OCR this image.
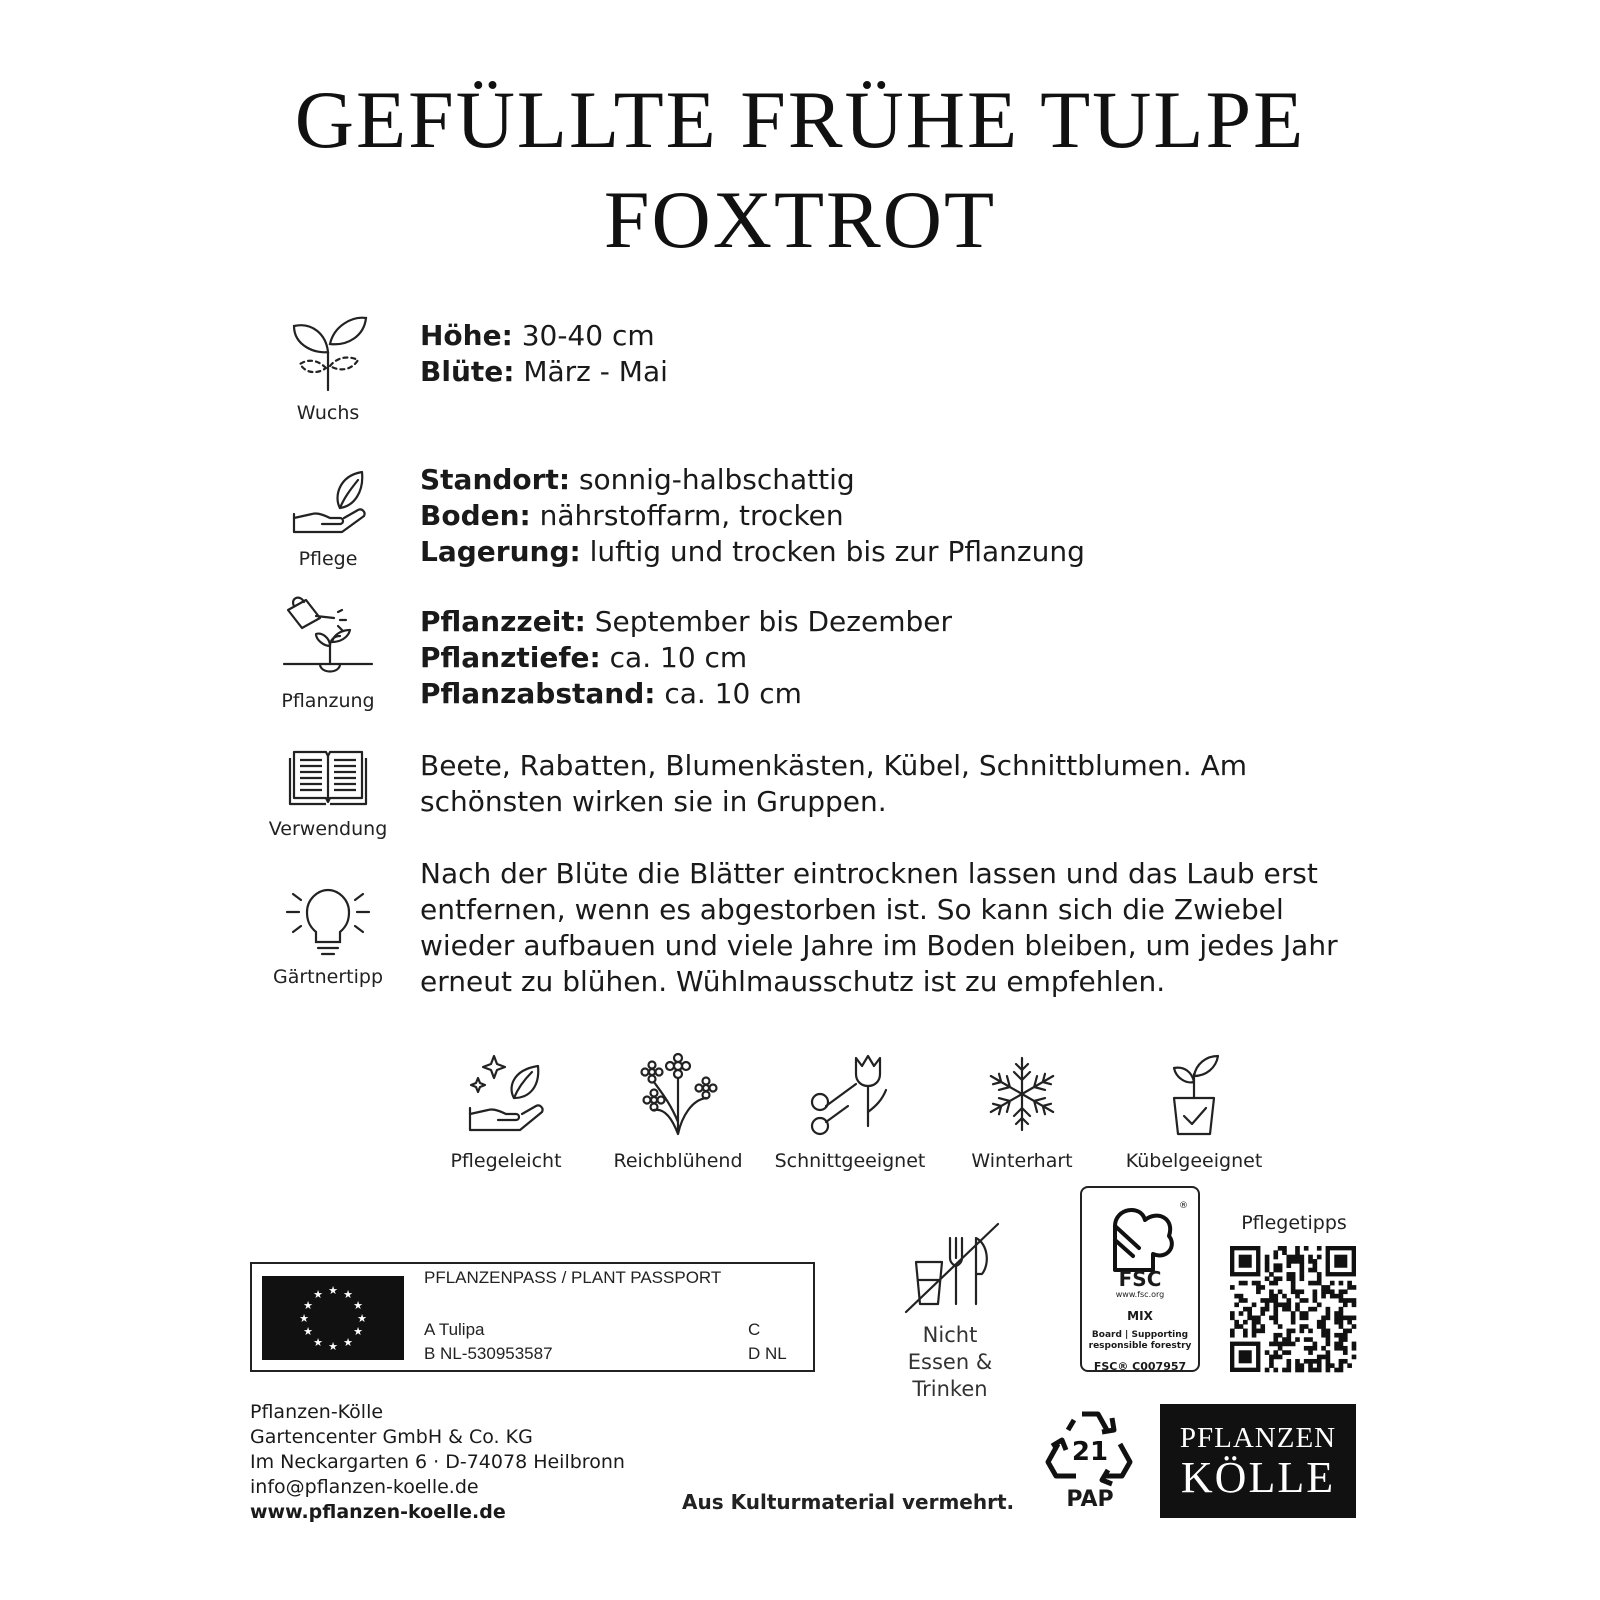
GEFÜLLTE FRÜHE TULPE
FOXTROT
Wuchs
Höhe: 30-40 cm
Blüte: März - Mai
Pflege
Standort: sonnig-halbschattig
Boden: nährstoffarm, trocken
Lagerung: luftig und trocken bis zur Pflanzung
Pflanzung
Pflanzzeit: September bis Dezember
Pflanztiefe: ca. 10 cm
Pflanzabstand: ca. 10 cm
Verwendung
Beete, Rabatten, Blumenkästen, Kübel, Schnittblumen. Am
schönsten wirken sie in Gruppen.
Gärtnertipp
Nach der Blüte die Blätter eintrocknen lassen und das Laub erst
entfernen, wenn es abgestorben ist. So kann sich die Zwiebel
wieder aufbauen und viele Jahre im Boden bleiben, um jedes Jahr
erneut zu blühen. Wühlmausschutz ist zu empfehlen.
Pflegeleicht	Reichblühend	Schnittgeeignet	Winterhart	Kübelgeeignet
★ ★
★
★
★
★
★
★
★
★
★
★
PFLANZENPASS / PLANT PASSPORT
A Tulipa
B NL-530953587
C
D NL
Nicht
Essen & Trinken
®
FSC
www.fsc.org
MIX
Board | Supporting
responsible forestry
FSC® C007957
Pflegetipps
Pflanzen-Kölle
Gartencenter GmbH & Co. KG
Im Neckargarten 6 · D-74078 Heilbronn
info@pflanzen-koelle.de
www.pflanzen-koelle.de	Aus Kulturmaterial vermehrt.
21
PAP
PFLANZEN
KÖLLE
